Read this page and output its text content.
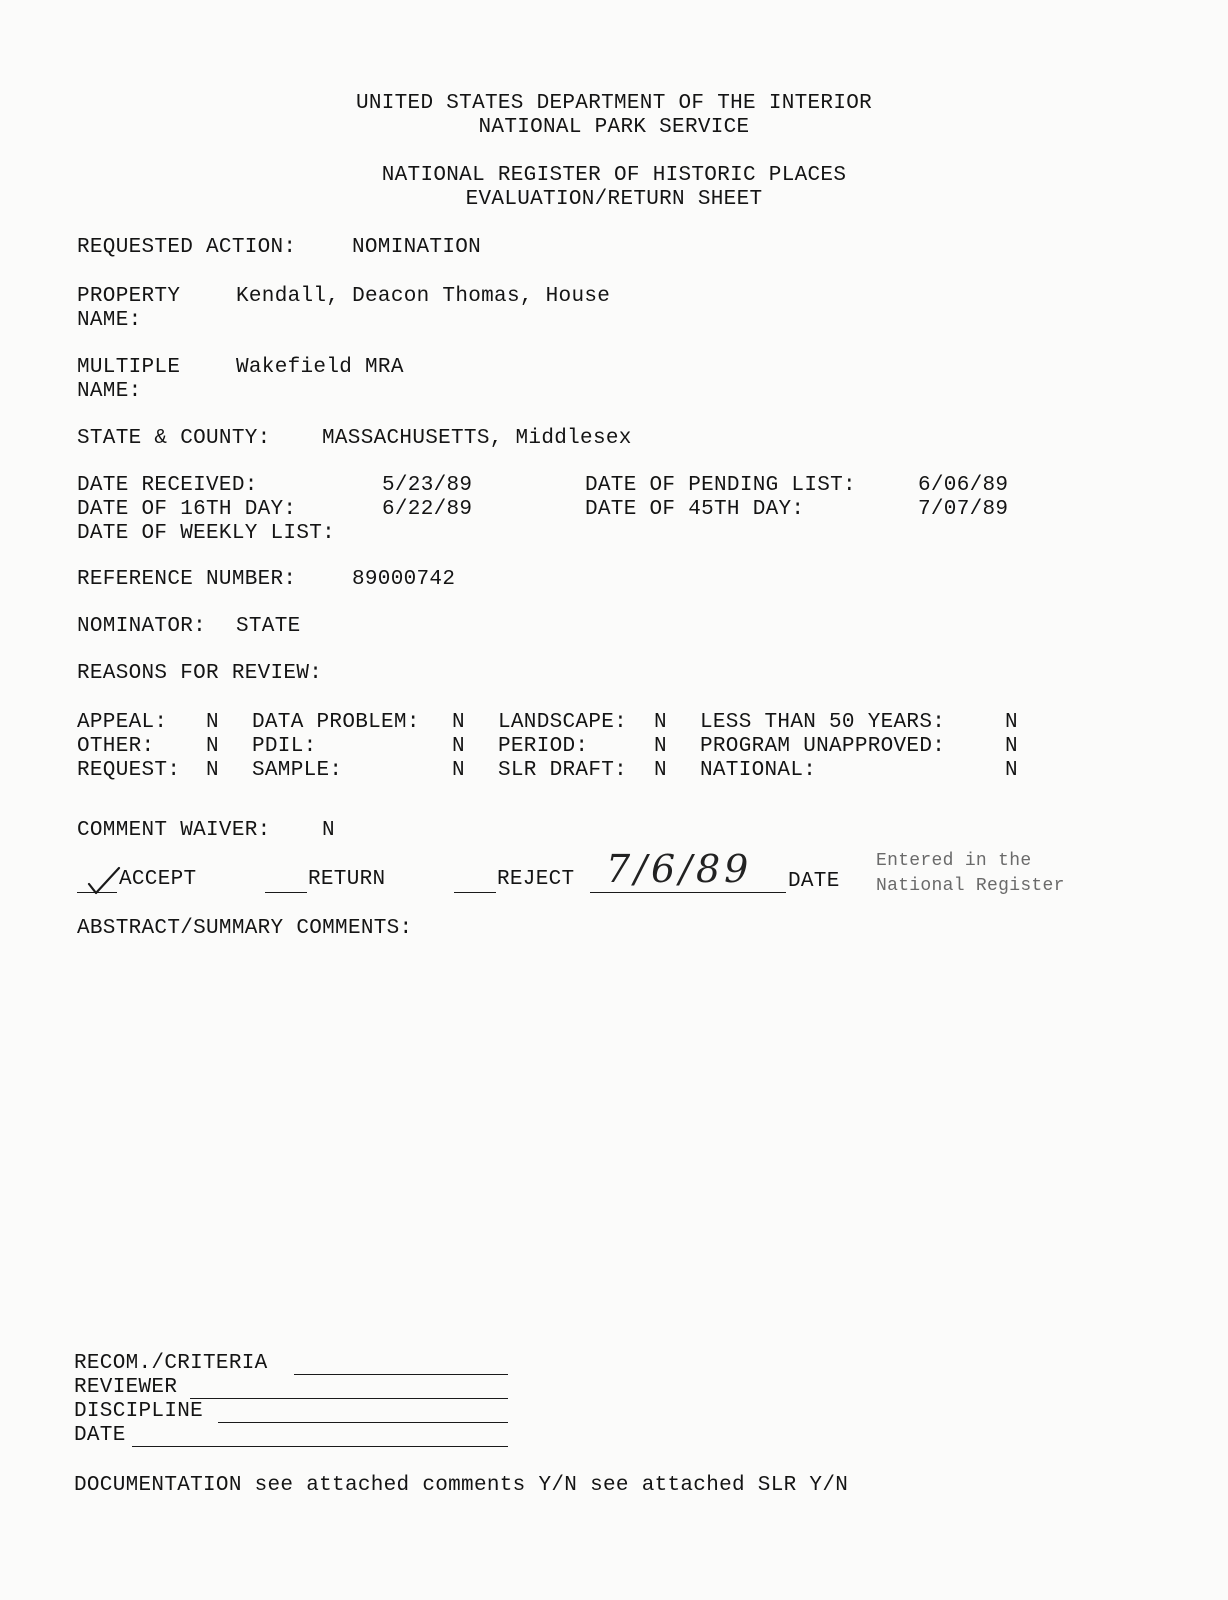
UNITED STATES DEPARTMENT OF THE INTERIOR
NATIONAL PARK SERVICE
NATIONAL REGISTER OF HISTORIC PLACES
EVALUATION/RETURN SHEET
REQUESTED ACTION:	NOMINATION
PROPERTY
NAME:
Kendall, Deacon Thomas, House
MULTIPLE
NAME:
Wakefield MRA
STATE & COUNTY: MASSACHUSETTS, Middlesex
DATE RECEIVED:	5/23/89	DATE OF PENDING LIST:	6/06/89
DATE OF 16TH DAY:	6/22/89	DATE OF 45TH DAY:	7/07/89
DATE OF WEEKLY LIST:
REFERENCE NUMBER:	89000742
NOMINATOR: STATE
REASONS FOR REVIEW:
APPEAL: N DATA PROBLEM: N LANDSCAPE: N LESS THAN 50 YEARS:	N
OTHER: N PDIL:	N PERIOD:	N PROGRAM UNAPPROVED:	N
REQUEST: N SAMPLE:	N SLR DRAFT: N NATIONAL:	N
COMMENT WAIVER: N
ACCEPT	RETURN	REJECT 7/6/89 DATE
Entered in the
National Register
ABSTRACT/SUMMARY COMMENTS:
RECOM./CRITERIA
REVIEWER
DISCIPLINE
DATE
DOCUMENTATION see attached comments Y/N see attached SLR Y/N
